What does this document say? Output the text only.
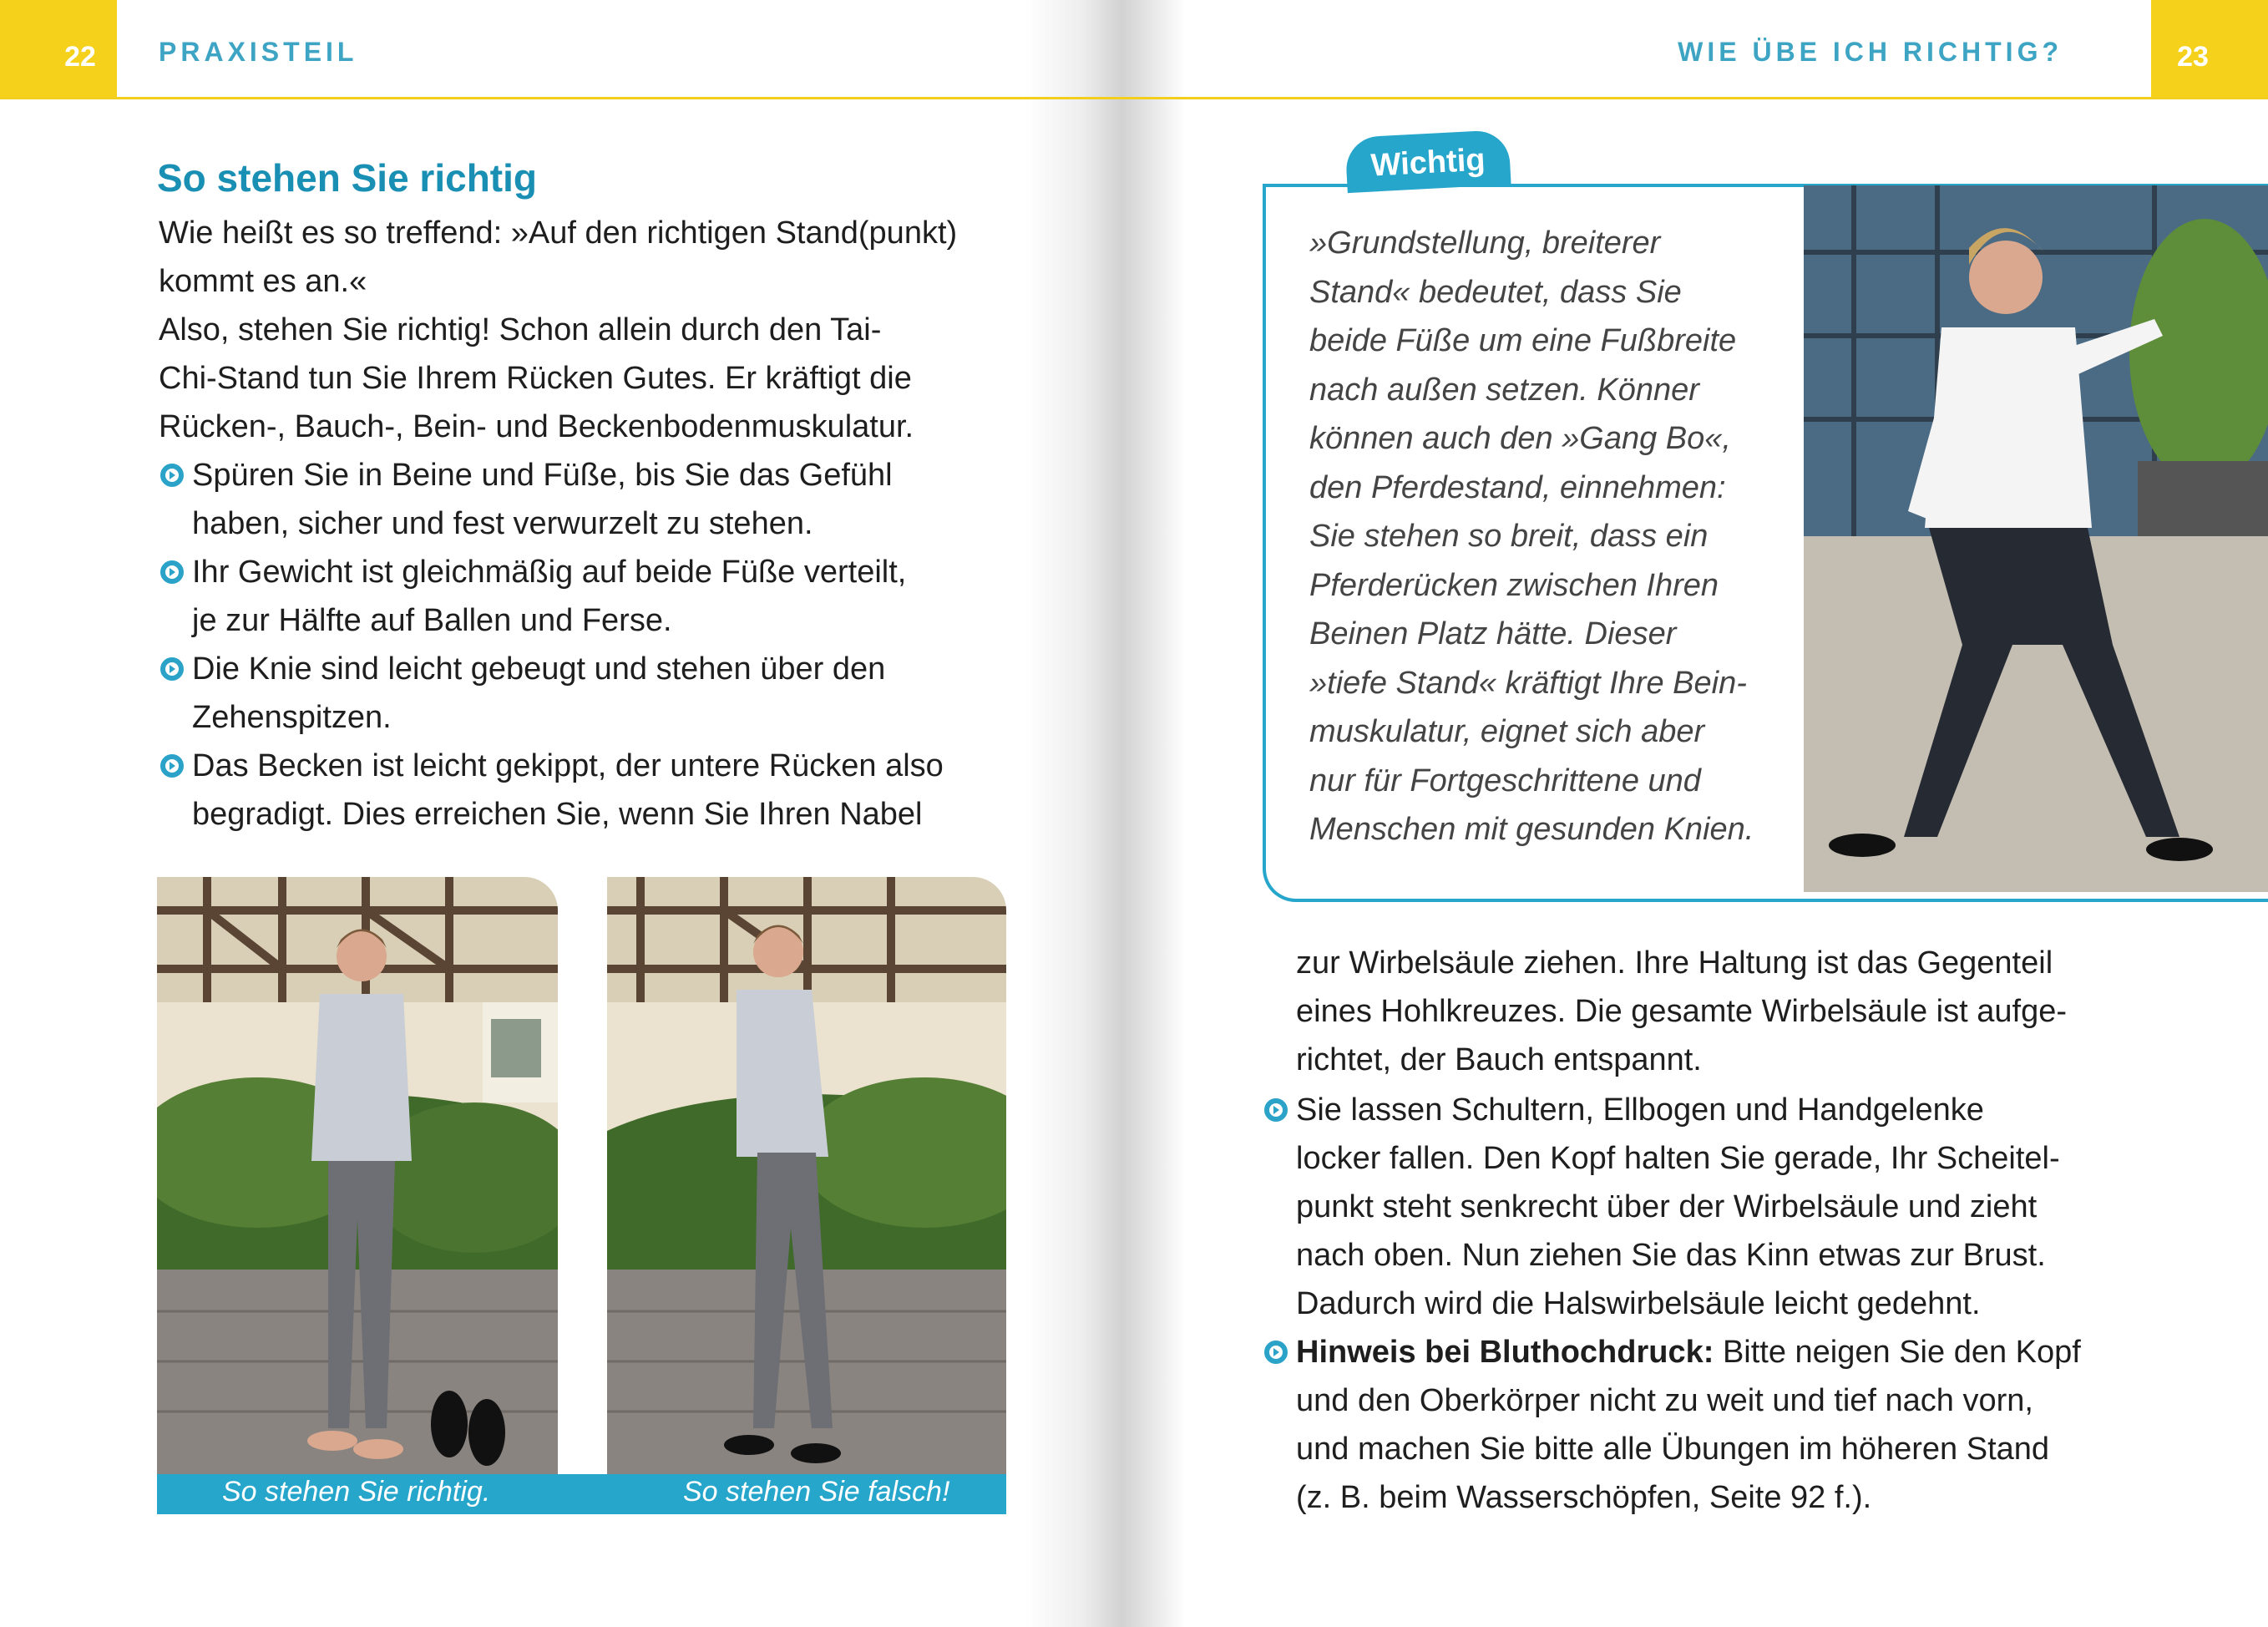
22	PRAXISTEIL	WIE ÜBE ICH RICHTIG?	23
So stehen Sie richtig
Wie heißt es so treffend: »Auf den richtigen Stand(punkt)
kommt es an.«
Also, stehen Sie richtig! Schon allein durch den Tai-
Chi-Stand tun Sie Ihrem Rücken Gutes. Er kräftigt die
Rücken-, Bauch-, Bein- und Beckenbodenmuskulatur.
Spüren Sie in Beine und Füße, bis Sie das Gefühl
haben, sicher und fest verwurzelt zu stehen.
Ihr Gewicht ist gleichmäßig auf beide Füße verteilt,
je zur Hälfte auf Ballen und Ferse.
Die Knie sind leicht gebeugt und stehen über den
Zehenspitzen.
Das Becken ist leicht gekippt, der untere Rücken also
begradigt. Dies erreichen Sie, wenn Sie Ihren Nabel
So stehen Sie richtig.	So stehen Sie falsch!
Wichtig
»Grundstellung, breiterer
Stand« bedeutet, dass Sie
beide Füße um eine Fußbreite
nach außen setzen. Könner
können auch den »Gang Bo«,
den Pferdestand, einnehmen:
Sie stehen so breit, dass ein
Pferderücken zwischen Ihren
Beinen Platz hätte. Dieser
»tiefe Stand« kräftigt Ihre Bein-
muskulatur, eignet sich aber
nur für Fortgeschrittene und
Menschen mit gesunden Knien.
zur Wirbelsäule ziehen. Ihre Haltung ist das Gegenteil
eines Hohlkreuzes. Die gesamte Wirbelsäule ist aufge-
richtet, der Bauch entspannt.
Sie lassen Schultern, Ellbogen und Handgelenke
locker fallen. Den Kopf halten Sie gerade, Ihr Scheitel-
punkt steht senkrecht über der Wirbelsäule und zieht
nach oben. Nun ziehen Sie das Kinn etwas zur Brust.
Dadurch wird die Halswirbelsäule leicht gedehnt.
Hinweis bei Bluthochdruck: Bitte neigen Sie den Kopf
und den Oberkörper nicht zu weit und tief nach vorn,
und machen Sie bitte alle Übungen im höheren Stand
(z. B. beim Wasserschöpfen, Seite 92 f.).
